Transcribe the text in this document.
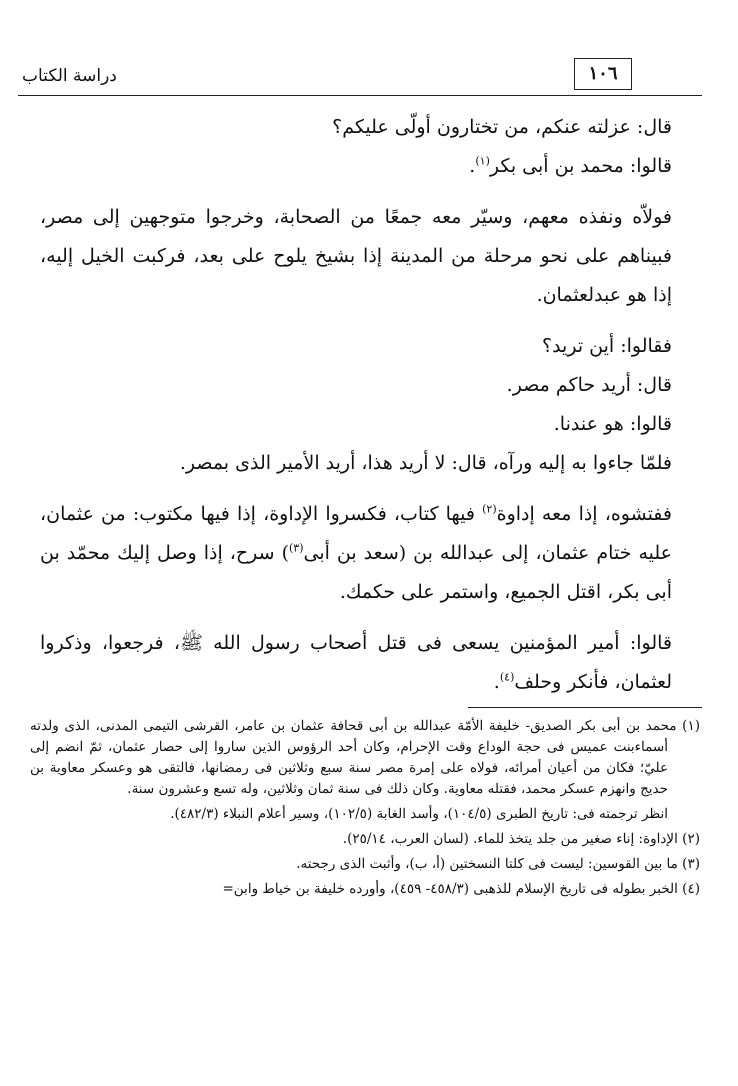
دراسة الكتاب	١٠٦

قال: عزلته عنكم، من تختارون أولّى عليكم؟

قالوا: محمد بن أبى بكر$^{(١)}$.

فولاّه ونفذه معهم، وسيّر معه جمعًا من الصحابة، وخرجوا متوجهين إلى مصر، فبيناهم على نحو مرحلة من المدينة إذا بشيخ يلوح على بعد، فركبت الخيل إليه، إذا هو عبدلعثمان.

فقالوا: أين تريد؟

قال: أريد حاكم مصر.

قالوا: هو عندنا.

فلمّا جاءوا به إليه ورآه، قال: لا أريد هذا، أريد الأمير الذى بمصر.

ففتشوه، إذا معه إداوة$^{(٢)}$ فيها كتاب، فكسروا الإداوة، إذا فيها مكتوب: من عثمان، عليه ختام عثمان، إلى عبدالله بن (سعد بن أبى$^{(٣)}$) سرح، إذا وصل إليك محمّد بن أبى بكر، اقتل الجميع، واستمر على حكمك.

قالوا: أمير المؤمنين يسعى فى قتل أصحاب رسول الله ﷺ، فرجعوا، وذكروا لعثمان، فأنكر وحلف$^{(٤)}$.

(١) محمد بن أبى بكر الصديق- خليفة الأمّة عبدالله بن أبى قحافة عثمان بن عامر، القرشى التيمى المدنى، الذى ولدته أسماءبنت عميس فى حجة الوداع وقت الإحرام، وكان أحد الرؤوس الذين ساروا إلى حصار عثمان، ثمّ انضم إلى عليّ؛ فكان من أعيان أمرائه، فولاه على إمرة مصر سنة سبع وثلاثين فى رمضانها، فالتقى هو وعسكر معاوية بن حديج وانهزم عسكر محمد، فقتله معاوية. وكان ذلك فى سنة ثمان وثلاثين، وله تسع وعشرون سنة.

انظر ترجمته فى: تاريخ الطبرى (١٠٤/٥)، وأسد الغابة (١٠٢/٥)، وسير أعلام النبلاء (٤٨٢/٣).

(٢) الإداوة: إناء صغير من جلد يتخذ للماء. (لسان العرب، ٢٥/١٤).

(٣) ما بين القوسين: ليست فى كلتا النسختين (أ، ب)، وأثبت الذى رجحته.

(٤) الخبر بطوله فى تاريخ الإسلام للذهبى (٤٥٨/٣- ٤٥٩)، وأورده خليفة بن خياط وابن=
